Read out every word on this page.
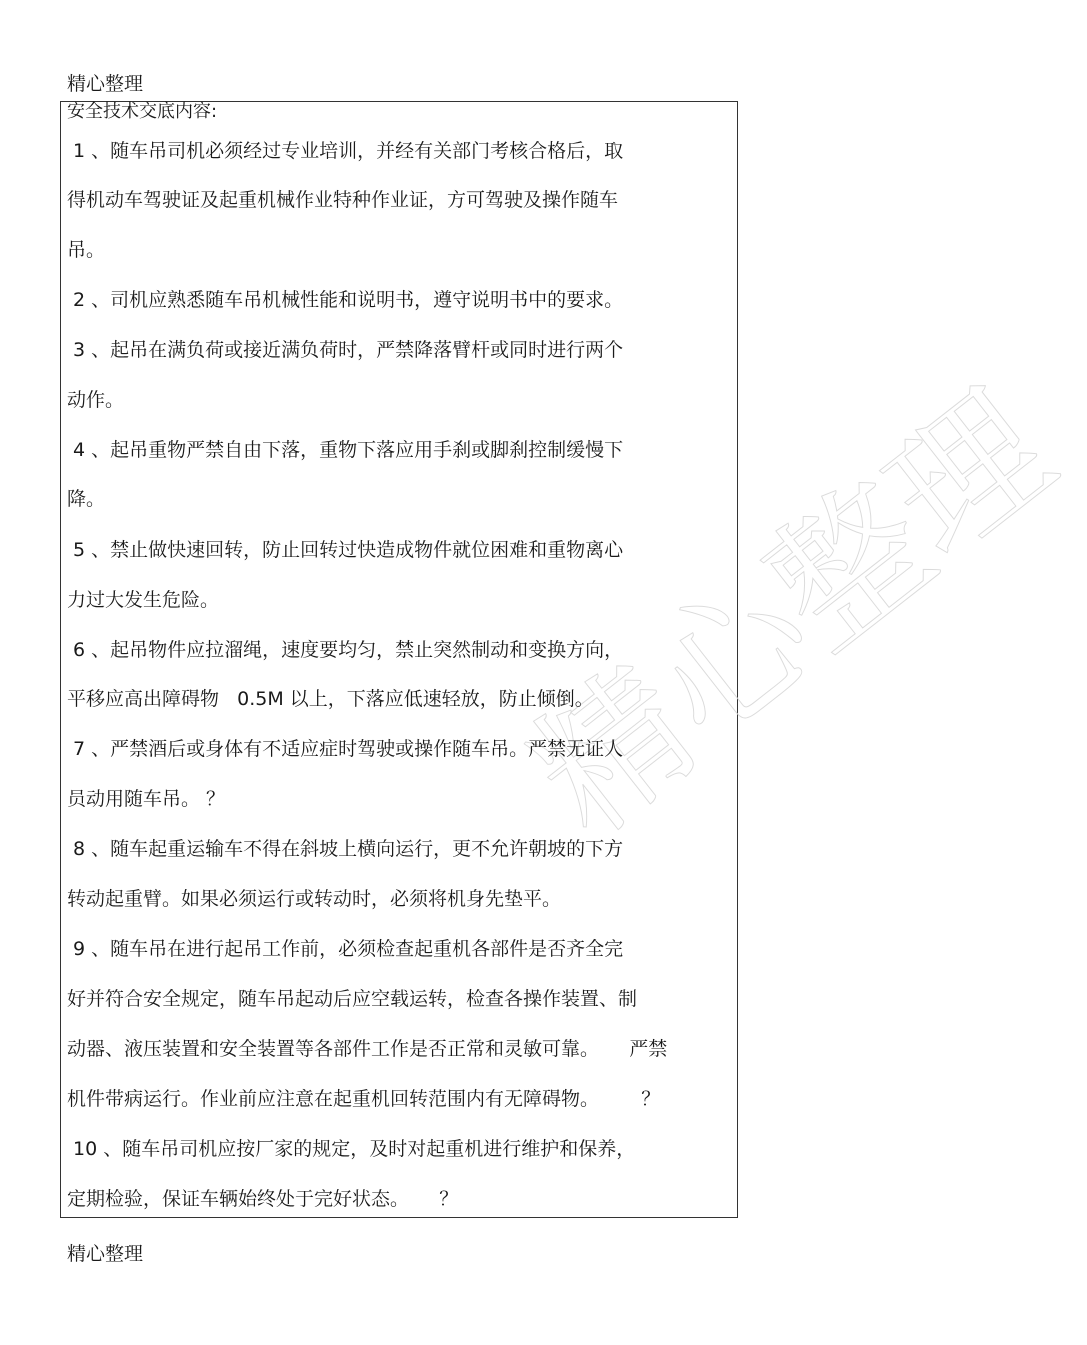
精心整理
精心整理
安全技术交底内容:
1 、随车吊司机必须经过专业培训，并经有关部门考核合格后，取
得机动车驾驶证及起重机械作业特种作业证，方可驾驶及操作随车
吊。
2 、司机应熟悉随车吊机械性能和说明书，遵守说明书中的要求。
3 、起吊在满负荷或接近满负荷时，严禁降落臂杆或同时进行两个
动作。
4 、起吊重物严禁自由下落，重物下落应用手刹或脚刹控制缓慢下
降。
5 、禁止做快速回转，防止回转过快造成物件就位困难和重物离心
力过大发生危险。
6 、起吊物件应拉溜绳，速度要均匀，禁止突然制动和变换方向，
平移应高出障碍物   0.5M 以上，下落应低速轻放，防止倾倒。
7 、严禁酒后或身体有不适应症时驾驶或操作随车吊。严禁无证人
员动用随车吊。 ？
8 、随车起重运输车不得在斜坡上横向运行，更不允许朝坡的下方
转动起重臂。如果必须运行或转动时，必须将机身先垫平。
9 、随车吊在进行起吊工作前，必须检查起重机各部件是否齐全完
好并符合安全规定，随车吊起动后应空载运转，检查各操作装置、制
动器、液压装置和安全装置等各部件工作是否正常和灵敏可靠。     严禁
机件带病运行。作业前应注意在起重机回转范围内有无障碍物。       ？
10 、随车吊司机应按厂家的规定，及时对起重机进行维护和保养，
定期检验，保证车辆始终处于完好状态。     ？
精心整理
